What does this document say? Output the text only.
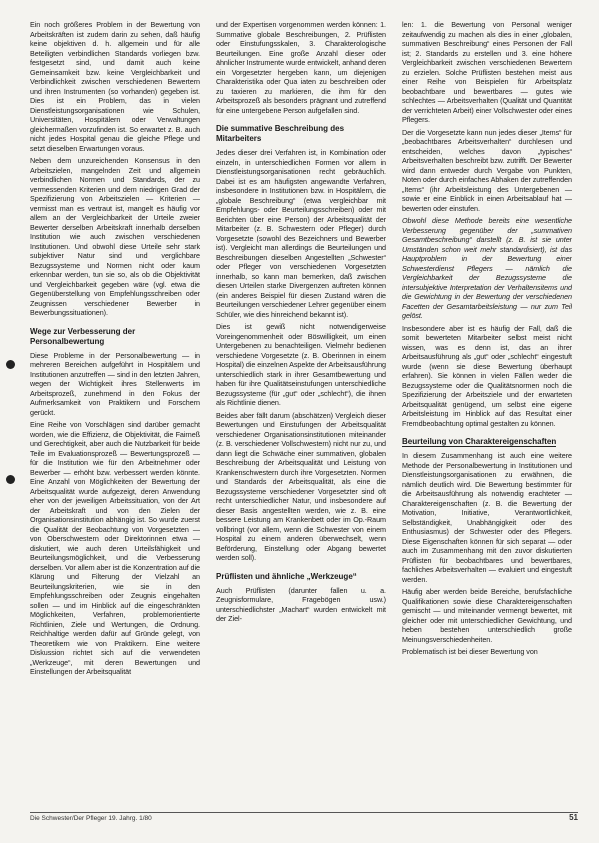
Ein noch größeres Problem in der Bewertung von Arbeitskräften ist zudem darin zu sehen, daß häufig keine objektiven d. h. allgemein und für alle Beteiligten verbindlichen Standards vorliegen bzw. festgesetzt sind, und damit auch keine Gemeinsamkeit bzw. keine Vergleichbarkeit und Verbindlichkeit zwischen verschiedenen Bewertern und ihren Instrumenten (so vorhanden) gegeben ist. Dies ist ein Problem, das in vielen Dienstleistungsorganisationen wie Schulen, Universitäten, Hospitälern oder Verwaltungen gleichermaßen vorzufinden ist. So erwartet z. B. auch nicht jedes Hospital genau die gleiche Pflege und setzt dieselben Erwartungen voraus.

Neben dem unzureichenden Konsensus in den Arbeitszielen, mangelnden Zeit und allgemein verbindlichen Normen und Standards, der zu vermessenden Kriterien und dem niedrigen Grad der Spezifizierung von Arbeitszielen — Kriterien — vermisst man es vertraut ist, mangelt es häufig vor allem an der Vergleichbarkeit der Urteile zweier Bewerter derselben Arbeitskraft innerhalb derselben Institution wie auch zwischen verschiedenen Institutionen. Und obwohl diese Urteile sehr stark subjektiver Natur sind und verglichbare Bezugssysteme und Normen nicht oder kaum erkennbar werden, tun sie so, als ob die Objektivität und Vergleichbarkeit gegeben wäre (vgl. etwa die Gegenüberstellung von Empfehlungsschreiben oder Zeugnissen verschiedener Bewerber in Bewerbungssituationen).

Wege zur Verbesserung der Personalbewertung

Diese Probleme in der Personalbewertung — in mehreren Bereichen aufgeführt in Hospitälern und Institutionen anzutreffen — sind in den letzten Jahren, wegen der Wichtigkeit ihres Stellenwerts im Arbeitsprozeß, zunehmend in den Fokus der Aufmerksamkeit von Praktikern und Forschern gerückt.

Eine Reihe von Vorschlägen sind darüber gemacht worden, wie die Effizienz, die Objektivität, die Fairneß und Gerechtigkeit, aber auch die Nutzbarkeit für beide Teile im Evaluationsprozeß — Bewertungsprozeß — für die Institution wie für den Arbeitnehmer oder Bewerber — erhöht bzw. verbessert werden könnte. Eine Anzahl von Möglichkeiten der Bewertung der Arbeitsqualität wurde aufgezeigt, deren Anwendung eher von der jeweiligen Arbeitssituation, von der Art der Arbeitskraft und von den Zielen der Organisationsinstitution abhängig ist. So wurde zuerst die Qualität der Beobachtung von Vorgesetzten — von Oberschwestern oder Direktorinnen etwa — diskutiert, wie auch deren Urteilsfähigkeit und Beurteilungsmöglichkeit, und die Verbesserung derselben. Vor allem aber ist die Konzentration auf die Klärung und Filterung der Vielzahl an Beurteilungskriterien, wie sie in den Empfehlungsschreiben oder Zeugnis eingehalten sollen — und im Hinblick auf die eingeschränkten Möglichkeiten, Verfahren, problemorientierte Richtlinien, Ziele und Wertungen, die Ordnung. Reichhaltige werden dafür auf Gründe gelegt, von Theoretikern wie von Praktikern. Eine weitere Diskussion richtet sich auf die verwendeten „Werkzeuge“, mit deren Bewertungen und Einstellungen der Arbeitsqualität

und der Expertisen vorgenommen werden können: 1. Summative globale Beschreibungen, 2. Prüflisten oder Einstufungsskalen, 3. Charakterologische Beurteilungen. Eine große Anzahl dieser oder ähnlicher Instrumente wurde entwickelt, anhand deren ein Vorgesetzter hergeben kann, um diejenigen Charakteristika oder Qua iaten zu beschreiben oder zu taxieren zu markieren, die ihm für den Arbeitsprozeß als besonders prägnant und zutreffend für eine untergebene Person aufgefallen sind.

Die summative Beschreibung des Mitarbeiters

Jedes dieser drei Verfahren ist, in Kombination oder einzeln, in unterschiedlichen Formen vor allem in Dienstleistungsorganisationen recht gebräuchlich. Dabei ist es am häufigsten angewandte Verfahren, insbesondere in Institutionen bzw. in Hospitälern, die „globale Beschreibung“ (etwa vergleichbar mit Empfehlungs- oder Beurteilungsschreiben) oder mit Berichten über eine Person) der Arbeitsqualität der Mitarbeiter (z. B. Schwestern oder Pfleger) durch Vorgesetzte (sowohl des Bezeichners und Bewerber ist). Vergleicht man allerdings die Beurteilungen und Beschreibungen dieselben Angestellten „Schwester“ oder Pfleger von verschiedenen Vorgesetzten innerhalb, so kann man bemerken, daß zwischen diesen Urteilen starke Divergenzen auftreten können (ein anderes Beispiel für diesen Zustand wären die Beurteilungen verschiedener Lehrer gegenüber einem Schüler, wie dies hinreichend bekannt ist).

Dies ist gewiß nicht notwendigerweise Voreingenommenheit oder Böswilligkeit, um einen Untergebenen zu benachteiligen. Vielmehr bedienen verschiedene Vorgesetzte (z. B. Oberinnen in einem Hospital) die einzelnen Aspekte der Arbeitsausführung unterschiedlich stark in ihrer Gesamtbewertung und haben für ihre Qualitätseinstufungen unterschiedliche Bezugssysteme (für „gut“ oder „schlecht“), die ihnen als Richtlinie dienen.

Beides aber fällt darum (abschätzen) Vergleich dieser Bewertungen und Einstufungen der Arbeitsqualität verschiedener Organisationsinstitutionen miteinander (z. B. verschiedener Vollschwestern) nicht nur zu, und dann liegt die Schwäche einer summativen, globalen Beschreibung der Arbeitsqualität und Leistung von Krankenschwestern durch ihre Vorgesetzten. Normen und Standards der Arbeitsqualität, als eine die Bezugssysteme verschiedener Vorgesetzter sind oft recht unterschiedlicher Natur, und insbesondere auf dieser Basis angestellten werden, wie z. B. eine bessere Leistung am Krankenbett oder im Op.-Raum vollbringt (vor allem, wenn die Schwester von einem Hospital zu einem anderen überwechselt, wenn Beförderung, Einstellung oder Abgang bewertet werden soll).

Prüflisten und ähnliche „Werkzeuge“

Auch Prüflisten (darunter fallen u. a. Zeugnisformulare, Fragebögen usw.) unterschiedlichster „Machart“ wurden entwickelt mit der Ziel-

len: 1. die Bewertung von Personal weniger zeitaufwendig zu machen als dies in einer „globalen, summativen Beschreibung“ eines Personen der Fall ist; 2. Standards zu erstellen und 3. eine höhere Vergleichbarkeit zwischen verschiedenen Bewertern zu erzielen. Solche Prüflisten bestehen meist aus einer Reihe von Beispielen für Arbeitsplatz beobachtbare und bewertbares — gutes wie schlechtes — Arbeitsverhalten (Qualität und Quantität der verrichteten Arbeit) einer Vollschwester oder eines Pflegers.

Der die Vorgesetzte kann nun jedes dieser „Items“ für „beobachtbares Arbeitsverhalten“ durchlesen und entscheiden, welches davon „typisches“ Arbeitsverhalten beschreibt bzw. zutrifft. Der Bewerter wird dann entweder durch Vergabe von Punkten, Noten oder durch einfaches Abhaken der zutreffenden „Items“ (ihr Arbeitsleistung des Untergebenen — sowie er eine Einblick in einen Arbeitsablauf hat — bewerten oder einstufen.

Obwohl diese Methode bereits eine wesentliche Verbesserung gegenüber der „summativen Gesamtbeschreibung“ darstellt (z. B. ist sie unter Umständen schon weit mehr standardisiert), ist das Hauptproblem in der Bewertung einer Schwesterdienst Pflegers — nämlich die Vergleichbarkeit der Bezugssysteme die intersubjektive Interpretation der Verhaltensitems und die Gewichtung in der Bewertung der verschiedenen Facetten der Gesamtarbeitsleistung — nur zum Teil gelöst.

Insbesondere aber ist es häufig der Fall, daß die somit bewerteten Mitarbeiter selbst meist nicht wissen, was es denn ist, das an ihrer Arbeitsausführung als „gut“ oder „schlecht“ eingestuft wurde (wenn sie diese Bewertung überhaupt erfahren). Sie können in vielen Fällen weder die Bezugssysteme oder die Qualitätsnormen noch die Spezifizierung der Arbeitsziele und der erwarteten Arbeitsqualität genügend, um selbst eine eigene Arbeitsleistung im Hinblick auf das Resultat einer Fremdbeobachtung optimal gestalten zu können.

Beurteilung von Charaktereigenschaften

In diesem Zusammenhang ist auch eine weitere Methode der Personalbewertung in Institutionen und Dienstleistungsorganisationen zu erwähnen, die nämlich deutlich wird. Die Bewertung bestimmter für die Arbeitsausführung als notwendig erachteter — Charaktereigenschaften (z. B. die Bewertung der Motivation, Initiative, Verantwortlichkeit, Selbständigkeit, Unabhängigkeit oder des Enthusiasmus) der Schwester oder des Pflegers. Diese Eigenschaften können für sich separat — oder auch im Zusammenhang mit den zuvor diskutierten Prüflisten für beobachtbares und bewertbares, fachliches Arbeitsverhalten — evaluiert und eingestuft werden.

Häufig aber werden beide Bereiche, berufsfachliche Qualifikationen sowie diese Charaktereigenschaften gemischt — und miteinander vermengt bewertet, mit gleicher oder mit unterschiedlicher Gewichtung, und heben bestehen unterschiedlich große Meinungsverschiedenheiten.

Problematisch ist bei dieser Bewertung von

Die Schwester/Der Pfleger 19. Jahrg. 1/80	51
